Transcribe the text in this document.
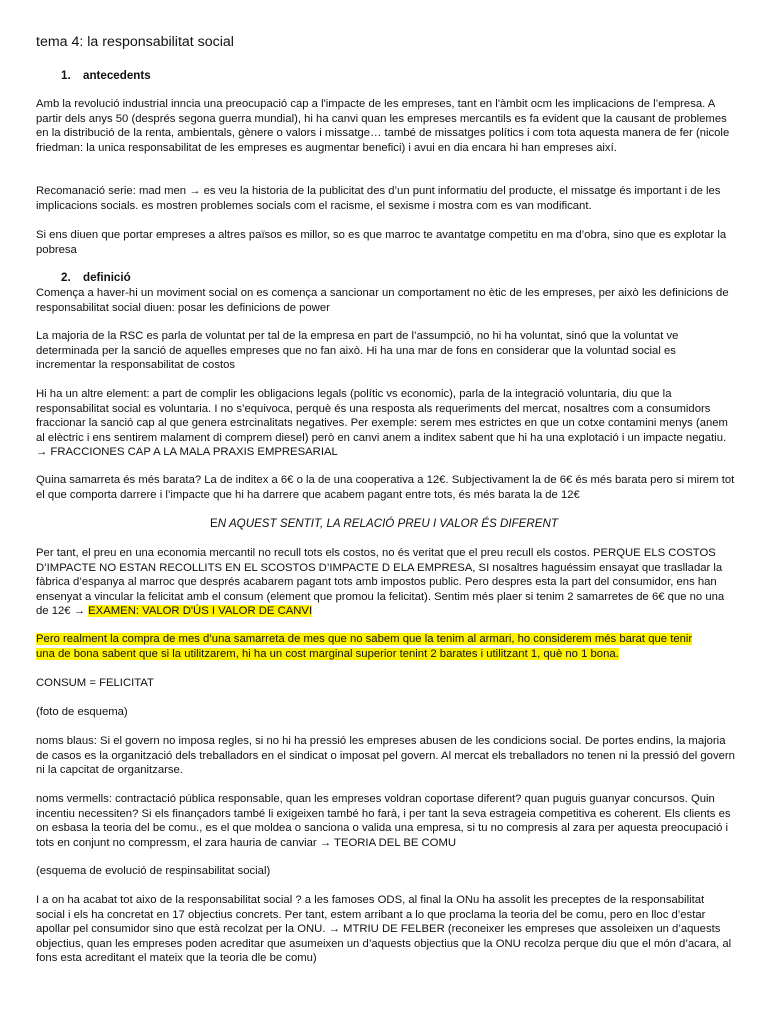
tema 4: la responsabilitat social
1. antecedents
Amb la revolució industrial inncia una preocupació cap a l'impacte de les empreses, tant en l'àmbit ocm les implicacions de l’empresa. A partir dels anys 50 (després segona guerra mundial), hi ha canvi quan les empreses mercantils es fa evident que la causant de problemes en la distribució de la renta, ambientals, gènere o valors i missatge… també de missatges polítics i com tota aquesta manera de fer (nicole friedman: la unica responsabilitat de les empreses es augmentar benefici) i avui en dia encara hi han empreses així.
Recomanació serie: mad men → es veu la historia de la publicitat des d’un punt informatiu del producte, el missatge és important i de les implicacions socials. es mostren problemes socials com el racisme, el sexisme i mostra com es van modificant.
Si ens diuen que portar empreses a altres països es millor, so es que marroc te avantatge competitu en ma d’obra, sino que es explotar la pobresa
2. definició
Comença a haver-hi un moviment social on es comença a sancionar un comportament no ètic de les empreses, per això les definicions de responsabilitat social diuen: posar les definicions de power
La majoria de la RSC es parla de voluntat per tal de la empresa en part de l’assumpció, no hi ha voluntat, sinó que la voluntat ve determinada per la sanció de aquelles empreses que no fan això. Hi ha una mar de fons en considerar que la voluntad social es incrementar la responsabilitat de costos
Hi ha un altre element: a part de complir les obligacions legals (polític vs economic), parla de la integració voluntaria, diu que la responsabilitat social es voluntaria. I no s’equivoca, perquè és una resposta als requeriments del mercat, nosaltres com a consumidors fraccionar la sanció cap al que genera estrcinalitats negatives. Per exemple: serem mes estrictes en que un cotxe contamini menys (anem al elèctric i ens sentirem malament di comprem diesel) però en canvi anem a inditex sabent que hi ha una explotació i un impacte negatiu. → FRACCIONES CAP A LA MALA PRAXIS EMPRESARIAL
Quina samarreta és més barata? La de inditex a 6€ o la de una cooperativa a 12€. Subjectivament la de 6€ és més barata pero si mirem tot el que comporta darrere i l’impacte que hi ha darrere que acabem pagant entre tots, és més barata la de 12€
EN AQUEST SENTIT, LA RELACIÓ PREU I VALOR ÉS DIFERENT
Per tant, el preu en una economia mercantil no recull tots els costos, no és veritat que el preu recull els costos. PERQUE ELS COSTOS D’IMPACTE NO ESTAN RECOLLITS EN EL SCOSTOS D’IMPACTE D ELA EMPRESA, SI nosaltres haguéssim ensayat que traslladar la fàbrica d’espanya al marroc que després acabarem pagant tots amb impostos public. Pero despres esta la part del consumidor, ens han ensenyat a vincular la felicitat amb el consum (element que promou la felicitat). Sentim més plaer si tenim 2 samarretes de 6€ que no una de 12€ → EXAMEN: VALOR D'ÚS I VALOR DE CANVI
Pero realment la compra de mes d’una samarreta de mes que no sabem que la tenim al armari, ho considerem més barat que tenir
una de bona sabent que si la utilitzarem, hi ha un cost marginal superior tenint 2 barates i utilitzant 1, què no 1 bona.
CONSUM = FELICITAT
(foto de esquema)
noms blaus: Si el govern no imposa regles, si no hi ha pressió les empreses abusen de les condicions social. De portes endins, la majoria de casos es la organització dels treballadors en el sindicat o imposat pel govern. Al mercat els treballadors no tenen ni la pressió del govern ni la capcitat de organitzarse.
noms vermells: contractació pública responsable, quan les empreses voldran coportase diferent? quan puguis guanyar concursos. Quin incentiu necessiten? Si els finançadors també li exigeixen també ho farà, i per tant la seva estrageia competitiva es coherent. Els clients es on esbasa la teoria del be comu., es el que moldea o sanciona o valida una empresa, si tu no compresis al zara per aquesta preocupació i tots en conjunt no compressm, el zara hauria de canviar → TEORIA DEL BE COMU
(esquema de evolució de respinsabilitat social)
I a on ha acabat tot aixo de la responsabilitat social ? a les famoses ODS, al final la ONu ha assolit les preceptes de la responsabilitat social i els ha concretat en 17 objectius concrets. Per tant, estem arribant a lo que proclama la teoria del be comu, pero en lloc d’estar apollar pel consumidor sino que està recolzat per la ONU. → MTRIU DE FELBER (reconeixer les empreses que assoleixen un d’aquests objectius, quan les empreses poden acreditar que asumeixen un d’aquests objectius que la ONU recolza perque diu que el món d’acara, al fons esta acreditant el mateix que la teoria dle be comu)
